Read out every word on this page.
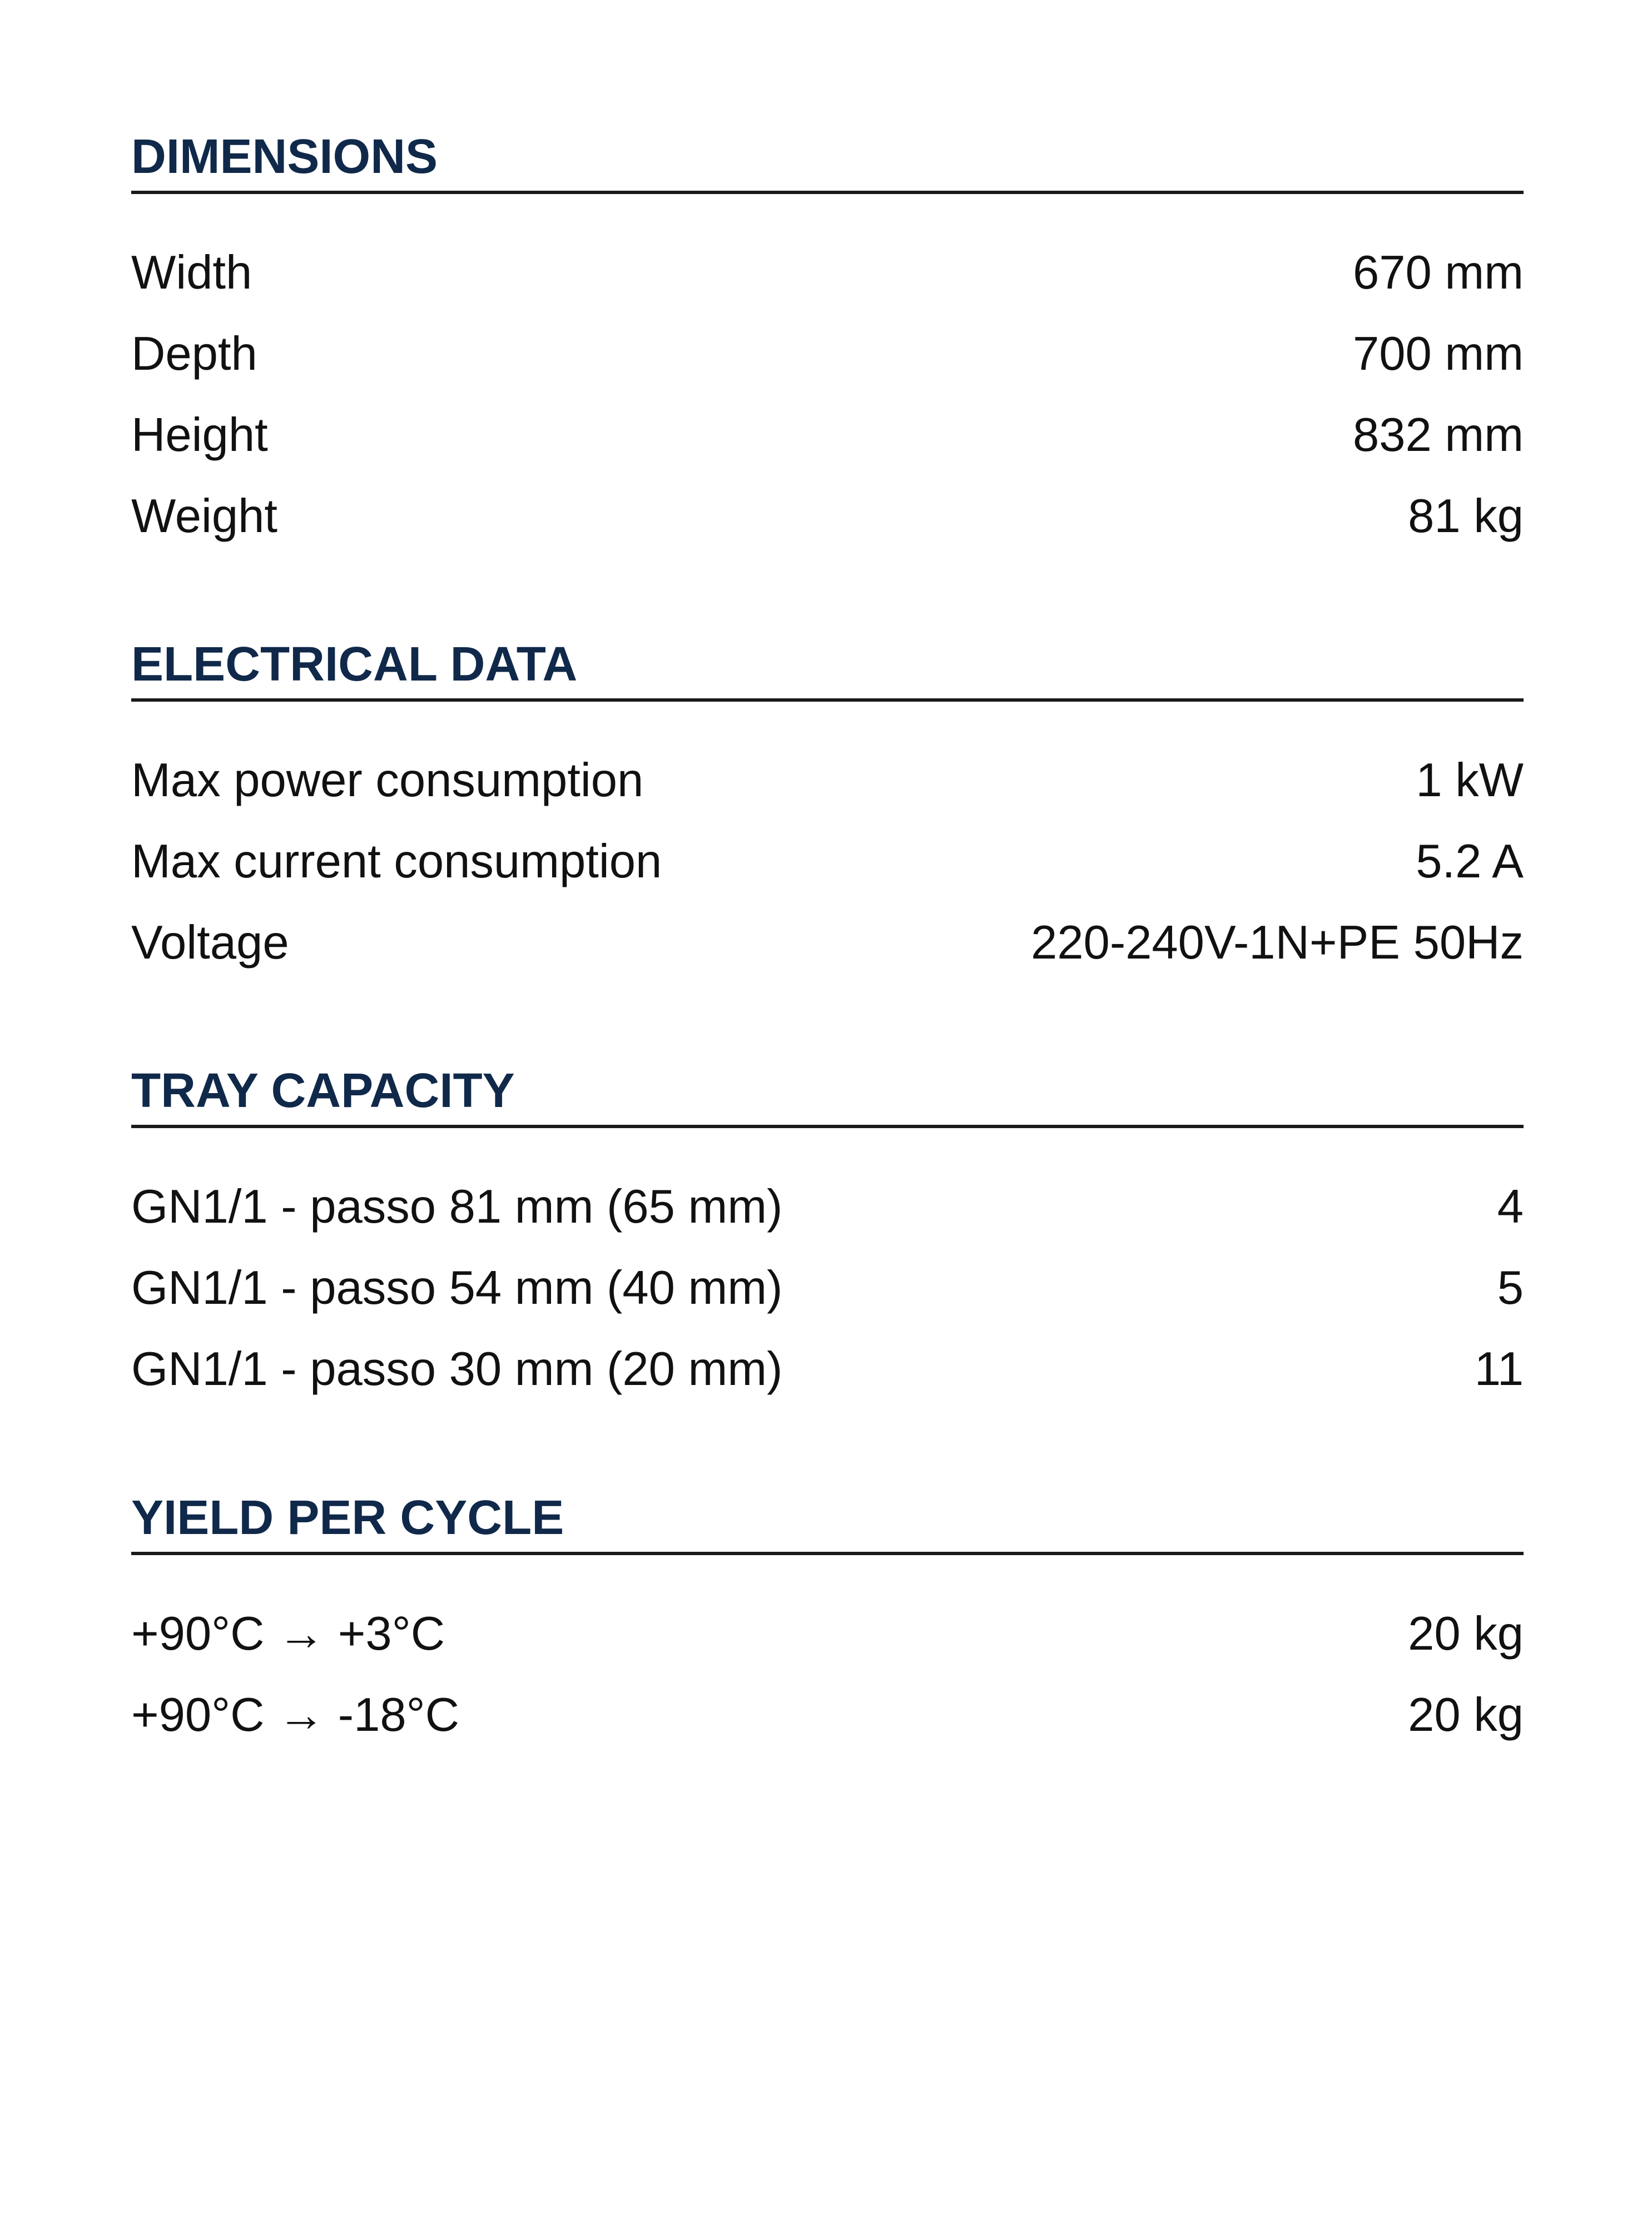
DIMENSIONS
Width	670 mm
Depth	700 mm
Height	832 mm
Weight	81 kg
ELECTRICAL DATA
Max power consumption	1 kW
Max current consumption	5.2 A
Voltage	220-240V-1N+PE 50Hz
TRAY CAPACITY
GN1/1 - passo 81 mm (65 mm)	4
GN1/1 - passo 54 mm (40 mm)	5
GN1/1 - passo 30 mm (20 mm)	11
YIELD PER CYCLE
+90°C → +3°C	20 kg
+90°C → -18°C	20 kg
